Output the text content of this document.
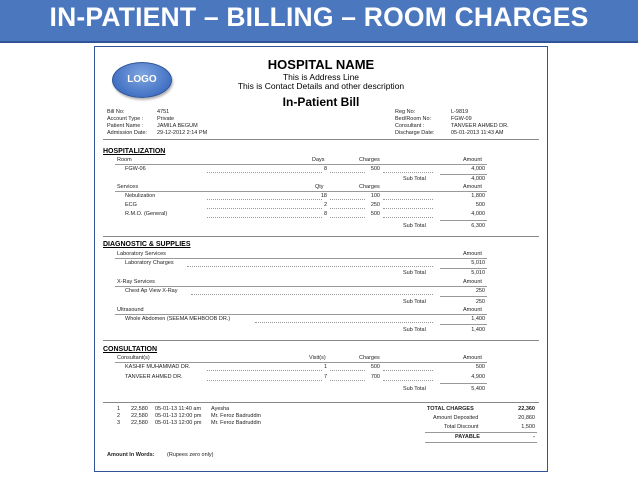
IN-PATIENT – BILLING – ROOM CHARGES
LOGO
HOSPITAL NAME
This is Address Line
This is Contact Details and other description
In-Patient Bill
Bill No:	4751
Account Type : Private
Patient Name : JAMILA BEGUM
Admission Date: 29-12-2012 2:14 PM
Reg No:	L-9819
Bed/Room No:	FGW-09
Consultant :	TANVEER AHMED DR.
Discharge Date:	05-01-2013 11:43 AM
HOSPITALIZATION
Room	Days	Charges	Amount
FGW-06	8	500	4,000
Sub Total	4,000
Services	Qty	Charges	Amount
Nebulization	18	100	1,800
ECG	2	250	500
R.M.O. (General)	8	500	4,000
Sub Total	6,300
DIAGNOSTIC & SUPPLIES
Laboratory Services	Amount
Laboratory Charges	5,010
Sub Total	5,010
X-Ray Services	Amount
Chest Ap View X-Ray	250
Sub Total	250
Ultrasound	Amount
Whole Abdomen (SEEMA MEHBOOB DR.)	1,400
Sub Total	1,400
CONSULTATION
Consultant(s)	Visit(s)	Charges	Amount
KASHIF MUHAMMAD DR.	1	500	500
TANVEER AHMED DR.	7	700	4,900
Sub Total	5,400
1 22,580 05-01-13 11:40 am Ayesha
2 22,580 05-01-13 12:00 pm Mr. Feroz Badruddin
3 22,580 05-01-13 12:00 pm Mr. Feroz Badruddin
TOTAL CHARGES	22,360
Amount Deposited	20,860
Total Discount	1,500
PAYABLE	-
Amount In Words: (Rupees zero only)
